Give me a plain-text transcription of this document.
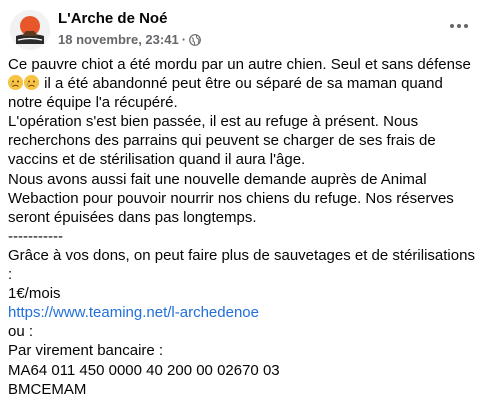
L'Arche de Noé
18 novembre, 23:41 ·

Ce pauvre chiot a été mordu par un autre chien. Seul et sans défense

il a été abandonné peut être ou séparé de sa maman quand

notre équipe l'a récupéré.

L'opération s'est bien passée, il est au refuge à présent. Nous

recherchons des parrains qui peuvent se charger de ses frais de

vaccins et de stérilisation quand il aura l'âge.

Nous avons aussi fait une nouvelle demande auprès de Animal

Webaction pour pouvoir nourrir nos chiens du refuge. Nos réserves

seront épuisées dans pas longtemps.

-----------

Grâce à vos dons, on peut faire plus de sauvetages et de stérilisations

:

1€/mois

https://www.teaming.net/l-archedenoe

ou :

Par virement bancaire :

MA64 011 450 0000 40 200 00 02670 03

BMCEMAM
